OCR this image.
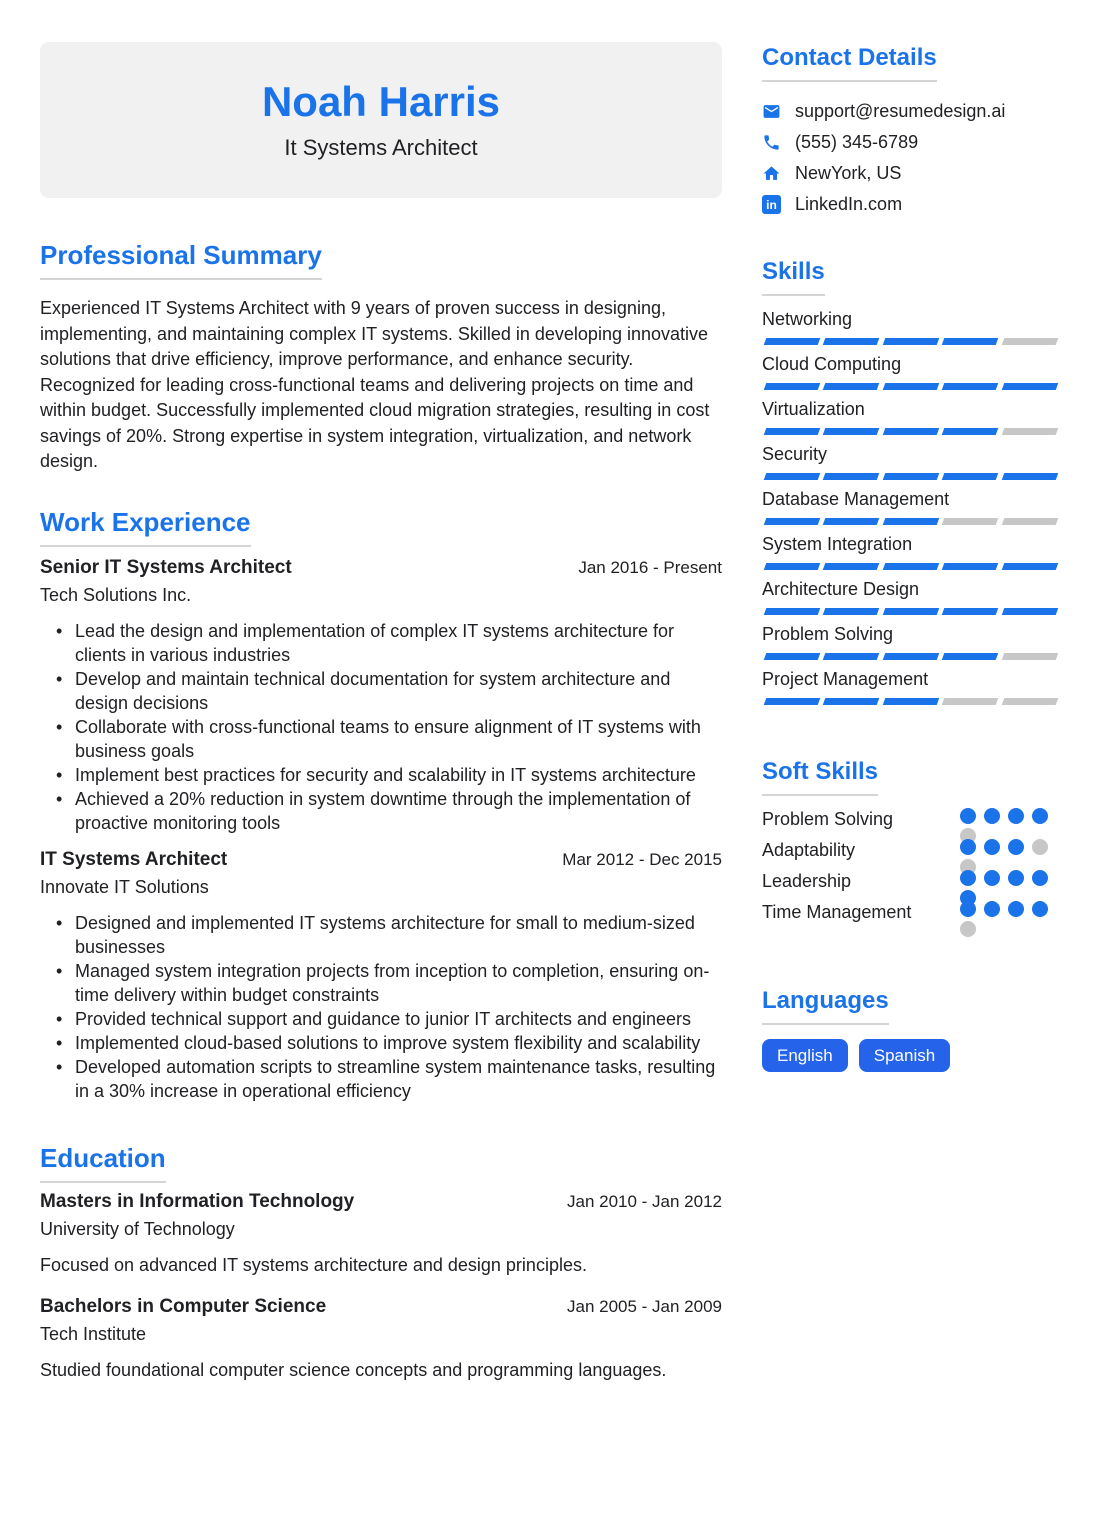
Noah Harris
It Systems Architect
Professional Summary

Experienced IT Systems Architect with 9 years of proven success in designing, implementing, and maintaining complex IT systems. Skilled in developing innovative solutions that drive efficiency, improve performance, and enhance security. Recognized for leading cross-functional teams and delivering projects on time and within budget. Successfully implemented cloud migration strategies, resulting in cost savings of 20%. Strong expertise in system integration, virtualization, and network design.

Work Experience
Senior IT Systems Architect	Jan 2016 - Present
Tech Solutions Inc.
• Lead the design and implementation of complex IT systems architecture for clients in various industries
• Develop and maintain technical documentation for system architecture and design decisions
• Collaborate with cross-functional teams to ensure alignment of IT systems with business goals
• Implement best practices for security and scalability in IT systems architecture
• Achieved a 20% reduction in system downtime through the implementation of proactive monitoring tools
IT Systems Architect	Mar 2012 - Dec 2015
Innovate IT Solutions
• Designed and implemented IT systems architecture for small to medium-sized businesses
• Managed system integration projects from inception to completion, ensuring on-time delivery within budget constraints
• Provided technical support and guidance to junior IT architects and engineers
• Implemented cloud-based solutions to improve system flexibility and scalability
• Developed automation scripts to streamline system maintenance tasks, resulting in a 30% increase in operational efficiency
Education
Masters in Information Technology	Jan 2010 - Jan 2012
University of Technology

Focused on advanced IT systems architecture and design principles.

Bachelors in Computer Science	Jan 2005 - Jan 2009
Tech Institute

Studied foundational computer science concepts and programming languages.

Contact Details
support@resumedesign.ai
(555) 345-6789
NewYork, US
in LinkedIn.com
Skills
Networking
Cloud Computing
Virtualization
Security
Database Management
System Integration
Architecture Design
Problem Solving
Project Management
Soft Skills
Problem Solving
Adaptability
Leadership
Time Management
Languages
English	Spanish
